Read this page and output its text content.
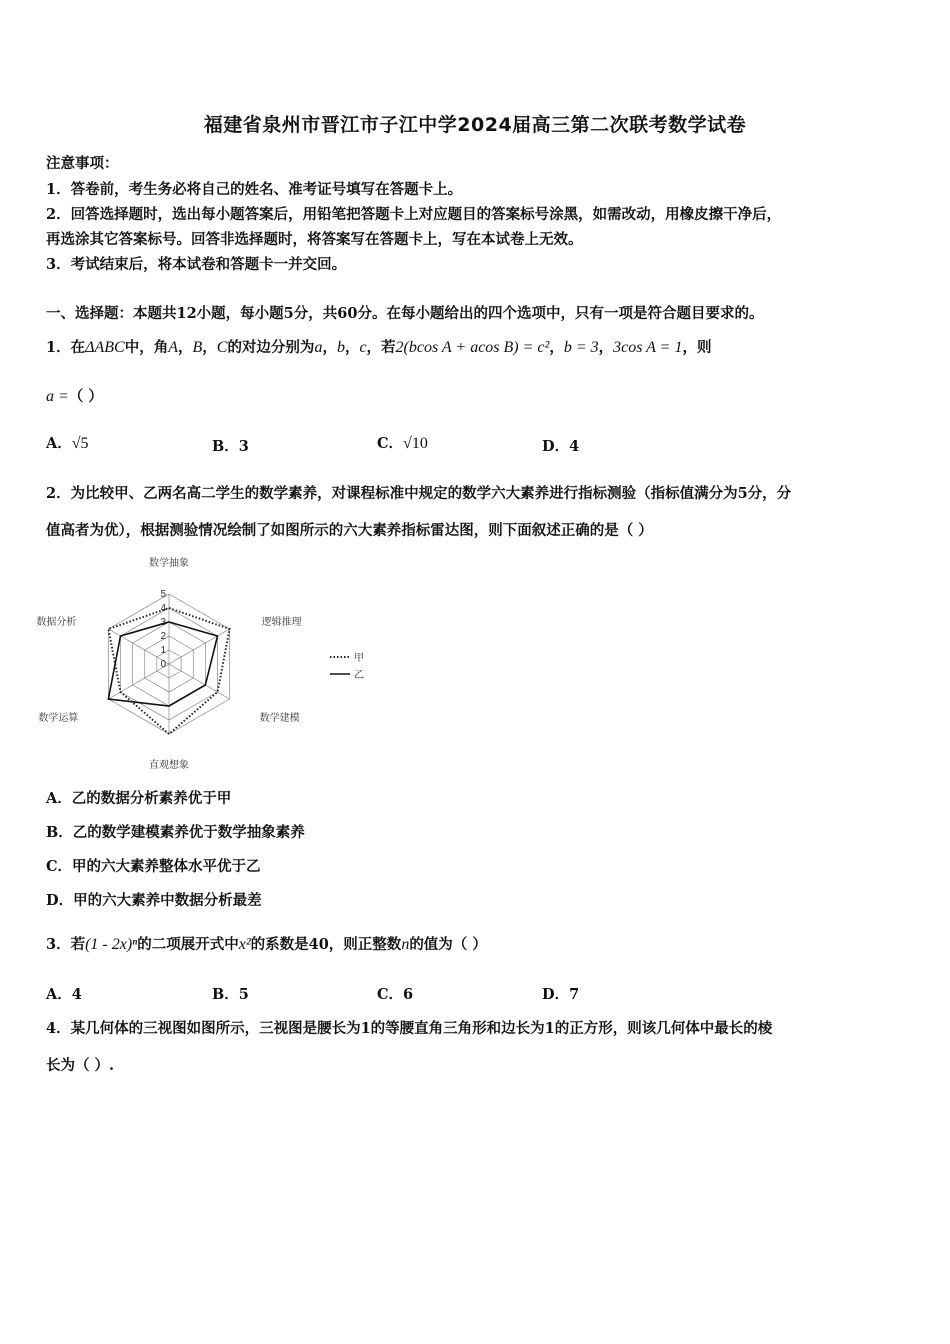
福建省泉州市晋江市子江中学2024届高三第二次联考数学试卷
注意事项：
1．答卷前，考生务必将自己的姓名、准考证号填写在答题卡上。
2．回答选择题时，选出每小题答案后，用铅笔把答题卡上对应题目的答案标号涂黑，如需改动，用橡皮擦干净后，
再选涂其它答案标号。回答非选择题时，将答案写在答题卡上，写在本试卷上无效。
3．考试结束后，将本试卷和答题卡一并交回。
一、选择题：本题共12小题，每小题5分，共60分。在每小题给出的四个选项中，只有一项是符合题目要求的。
1．在ΔABC中，角A，B，C的对边分别为a，b，c，若2(bcos A + acos B) = c²，b = 3，3cos A = 1，则
a =（ ）
A．√5	B．3	C．√10	D．4
2．为比较甲、乙两名高二学生的数学素养，对课程标准中规定的数学六大素养进行指标测验（指标值满分为5分，分
值高者为优），根据测验情况绘制了如图所示的六大素养指标雷达图，则下面叙述正确的是（ ）
0
1
2
3
4
5
数学抽象
逻辑推理
数学建模
直观想象
数学运算
数据分析
甲
乙
A．乙的数据分析素养优于甲
B．乙的数学建模素养优于数学抽象素养
C．甲的六大素养整体水平优于乙
D．甲的六大素养中数据分析最差
3．若(1 - 2x)ⁿ的二项展开式中x²的系数是40，则正整数n的值为（ ）
A．4	B．5	C．6	D．7
4．某几何体的三视图如图所示，三视图是腰长为1的等腰直角三角形和边长为1的正方形，则该几何体中最长的棱
长为（ ）.
